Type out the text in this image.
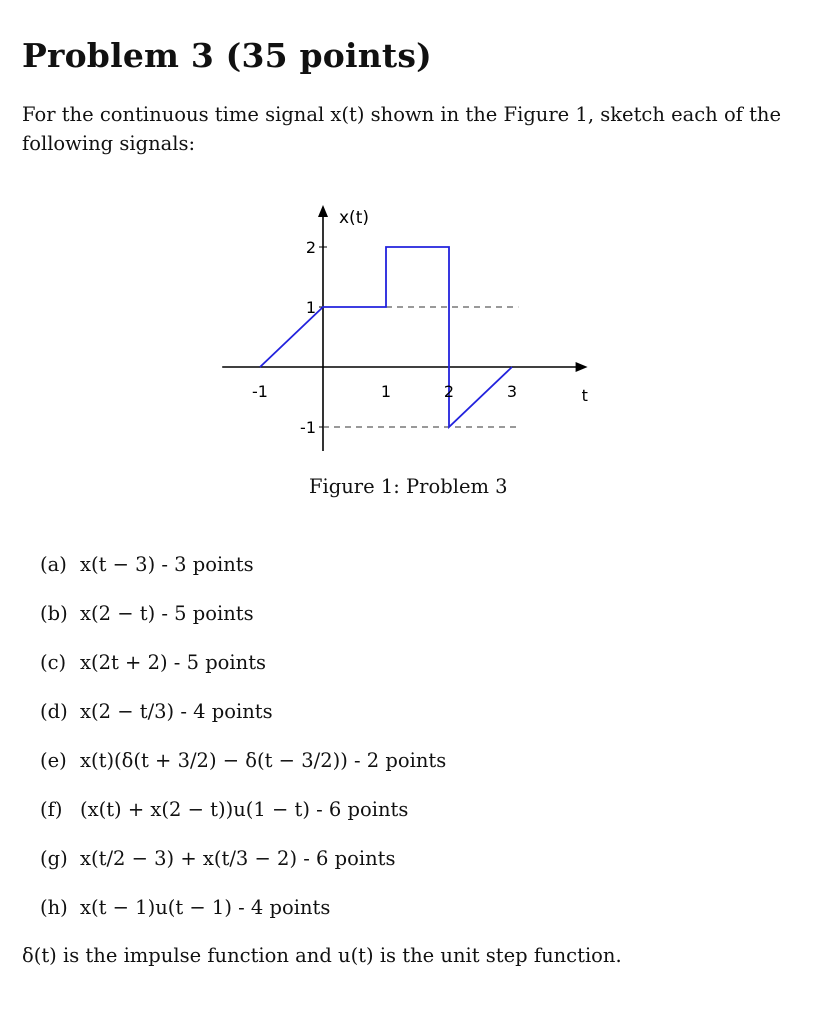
Problem 3 (35 points)
For the continuous time signal x(t) shown in the Figure 1, sketch each of the following signals:
-1	1	2	3
2
1
-1
x(t)
t
Figure 1: Problem 3
(a) x(t − 3) - 3 points
(b) x(2 − t) - 5 points
(c) x(2t + 2) - 5 points
(d) x(2 − t/3) - 4 points
(e) x(t)(δ(t + 3/2) − δ(t − 3/2)) - 2 points
(f) (x(t) + x(2 − t))u(1 − t) - 6 points
(g) x(t/2 − 3) + x(t/3 − 2) - 6 points
(h) x(t − 1)u(t − 1) - 4 points
δ(t) is the impulse function and u(t) is the unit step function.
